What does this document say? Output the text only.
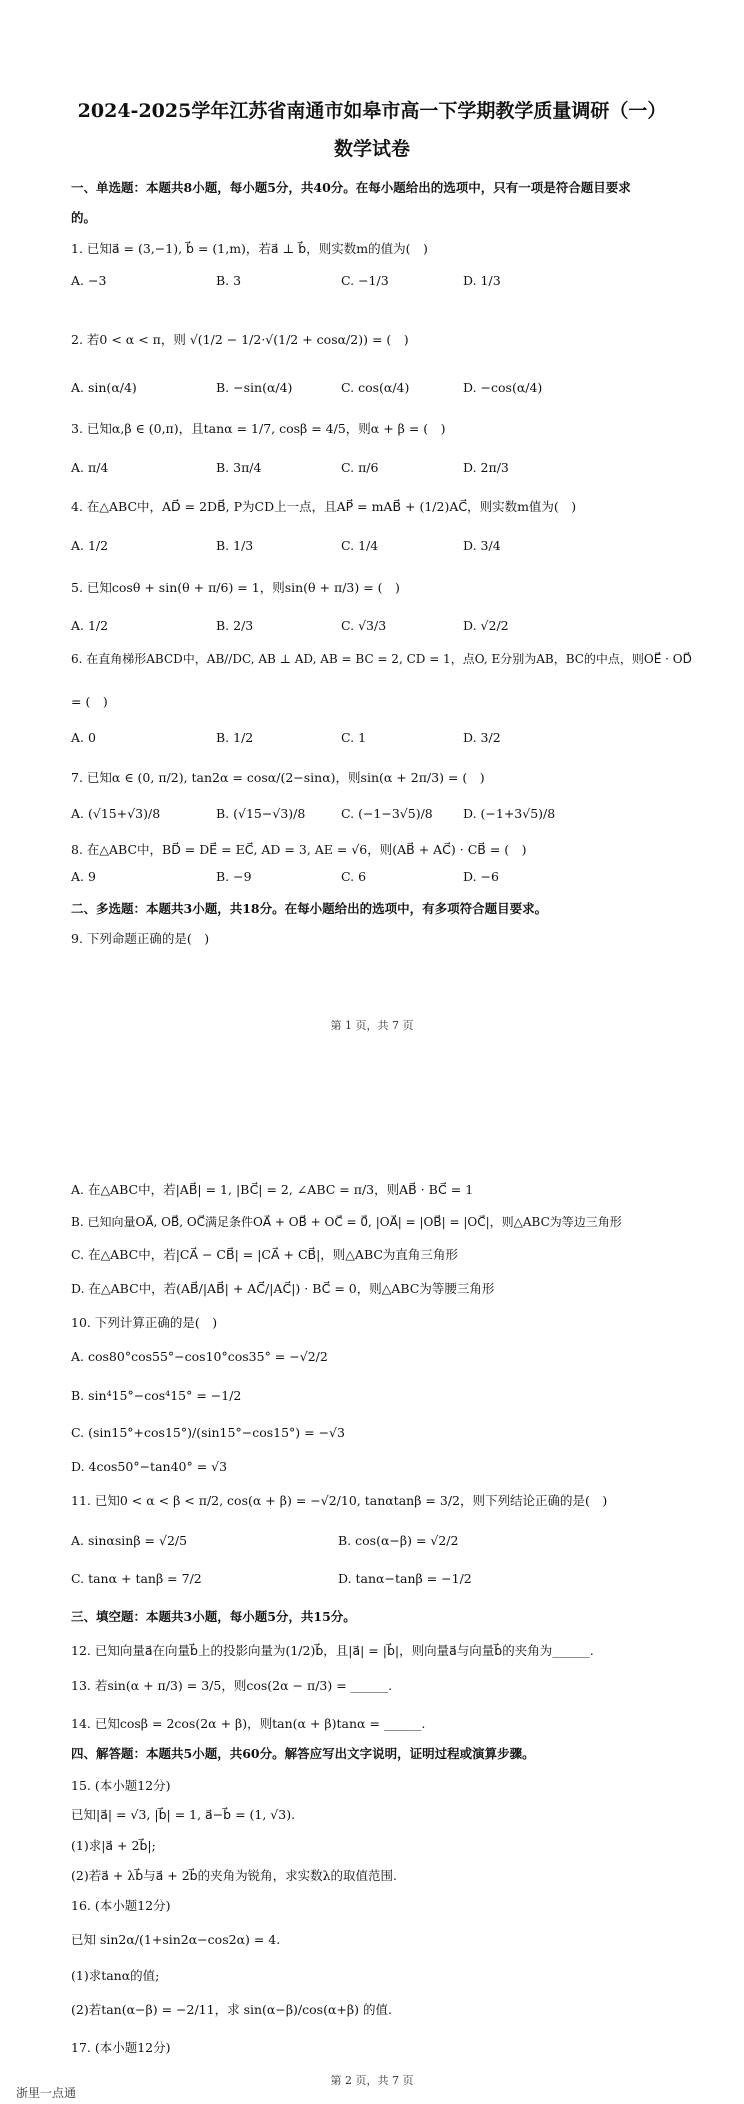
2024-2025学年江苏省南通市如皋市高一下学期教学质量调研（一）
数学试卷
一、单选题：本题共8小题，每小题5分，共40分。在每小题给出的选项中，只有一项是符合题目要求
的。
1. 已知a⃗ = (3,−1), b⃗ = (1,m)，若a⃗ ⊥ b⃗，则实数m的值为(　)
A. −3	B. 3	C. −1/3	D. 1/3
2. 若0 < α < π，则 √(1/2 − 1/2·√(1/2 + cosα/2)) = (　)
A. sin(α/4)	B. −sin(α/4)	C. cos(α/4)	D. −cos(α/4)
3. 已知α,β ∈ (0,π)，且tanα = 1/7, cosβ = 4/5，则α + β = (　)
A. π/4	B. 3π/4	C. π/6	D. 2π/3
4. 在△ABC中，AD⃗ = 2DB⃗, P为CD上一点，且AP⃗ = mAB⃗ + (1/2)AC⃗，则实数m值为(　)
A. 1/2	B. 1/3	C. 1/4	D. 3/4
5. 已知cosθ + sin(θ + π/6) = 1，则sin(θ + π/3) = (　)
A. 1/2	B. 2/3	C. √3/3	D. √2/2
6. 在直角梯形ABCD中，AB//DC, AB ⊥ AD, AB = BC = 2, CD = 1，点O, E分别为AB，BC的中点，则OE⃗ · OD⃗
= (　)
A. 0	B. 1/2	C. 1	D. 3/2
7. 已知α ∈ (0, π/2), tan2α = cosα/(2−sinα)，则sin(α + 2π/3) = (　)
A. (√15+√3)/8	B. (√15−√3)/8	C. (−1−3√5)/8 D. (−1+3√5)/8
8. 在△ABC中，BD⃗ = DE⃗ = EC⃗, AD = 3, AE = √6，则(AB⃗ + AC⃗) · CB⃗ = (　)
A. 9	B. −9	C. 6	D. −6
二、多选题：本题共3小题，共18分。在每小题给出的选项中，有多项符合题目要求。
9. 下列命题正确的是(　)
第 1 页，共 7 页
A. 在△ABC中，若|AB⃗| = 1, |BC⃗| = 2, ∠ABC = π/3，则AB⃗ · BC⃗ = 1
B. 已知向量OA⃗, OB⃗, OC⃗满足条件OA⃗ + OB⃗ + OC⃗ = 0⃗, |OA⃗| = |OB⃗| = |OC⃗|，则△ABC为等边三角形
C. 在△ABC中，若|CA⃗ − CB⃗| = |CA⃗ + CB⃗|，则△ABC为直角三角形
D. 在△ABC中，若(AB⃗/|AB⃗| + AC⃗/|AC⃗|) · BC⃗ = 0，则△ABC为等腰三角形
10. 下列计算正确的是(　)
A. cos80°cos55°−cos10°cos35° = −√2/2
B. sin⁴15°−cos⁴15° = −1/2
C. (sin15°+cos15°)/(sin15°−cos15°) = −√3
D. 4cos50°−tan40° = √3
11. 已知0 < α < β < π/2, cos(α + β) = −√2/10, tanαtanβ = 3/2，则下列结论正确的是(　)
A. sinαsinβ = √2/5	B. cos(α−β) = √2/2
C. tanα + tanβ = 7/2	D. tanα−tanβ = −1/2
三、填空题：本题共3小题，每小题5分，共15分。
12. 已知向量a⃗在向量b⃗上的投影向量为(1/2)b⃗，且|a⃗| = |b⃗|，则向量a⃗与向量b⃗的夹角为______.
13. 若sin(α + π/3) = 3/5，则cos(2α − π/3) = ______.
14. 已知cosβ = 2cos(2α + β)，则tan(α + β)tanα = ______.
四、解答题：本题共5小题，共60分。解答应写出文字说明，证明过程或演算步骤。
15. (本小题12分)
已知|a⃗| = √3, |b⃗| = 1, a⃗−b⃗ = (1, √3).
(1)求|a⃗ + 2b⃗|;
(2)若a⃗ + λb⃗与a⃗ + 2b⃗的夹角为锐角，求实数λ的取值范围.
16. (本小题12分)
已知 sin2α/(1+sin2α−cos2α) = 4.
(1)求tanα的值;
(2)若tan(α−β) = −2/11，求 sin(α−β)/cos(α+β) 的值.
17. (本小题12分)
第 2 页，共 7 页
浙里一点通
